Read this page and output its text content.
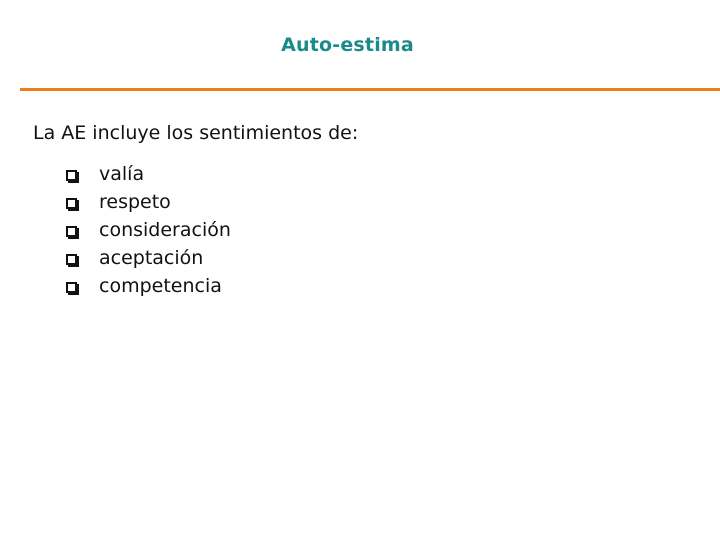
Auto-estima
La AE incluye los sentimientos de:
valía
respeto
consideración
aceptación
competencia
